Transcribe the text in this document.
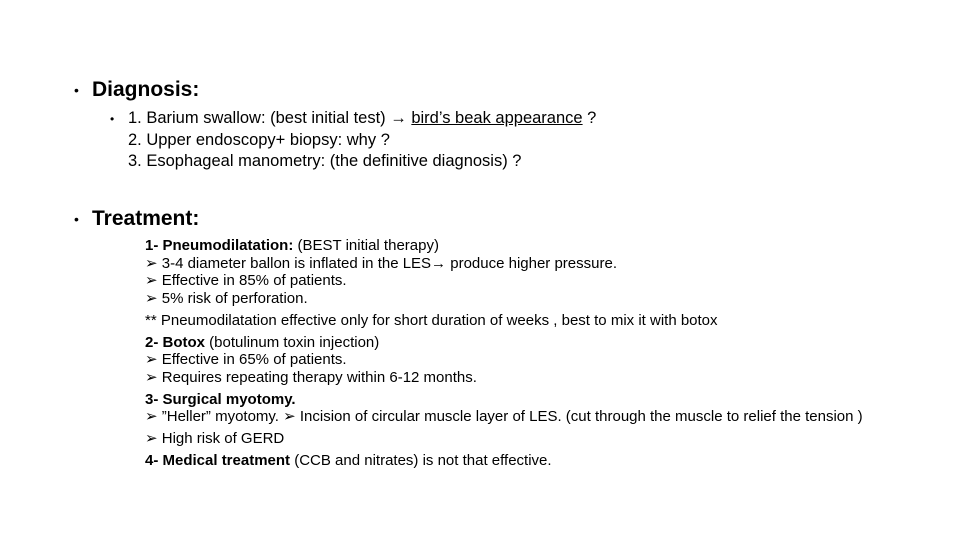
• Diagnosis:
• 1. Barium swallow: (best initial test) → bird’s beak appearance ?
2. Upper endoscopy+ biopsy: why ?
3. Esophageal manometry: (the definitive diagnosis) ?
• Treatment:
1- Pneumodilatation: (BEST initial therapy)
➢ 3-4 diameter ballon is inflated in the LES→ produce higher pressure.
➢ Effective in 85% of patients.
➢ 5% risk of perforation.
** Pneumodilatation effective only for short duration of weeks , best to mix it with botox
2- Botox (botulinum toxin injection)
➢ Effective in 65% of patients.
➢ Requires repeating therapy within 6-12 months.
3- Surgical myotomy.
➢ ”Heller” myotomy. ➢ Incision of circular muscle layer of LES. (cut through the muscle to relief the tension )
➢ High risk of GERD
4- Medical treatment (CCB and nitrates) is not that effective.
